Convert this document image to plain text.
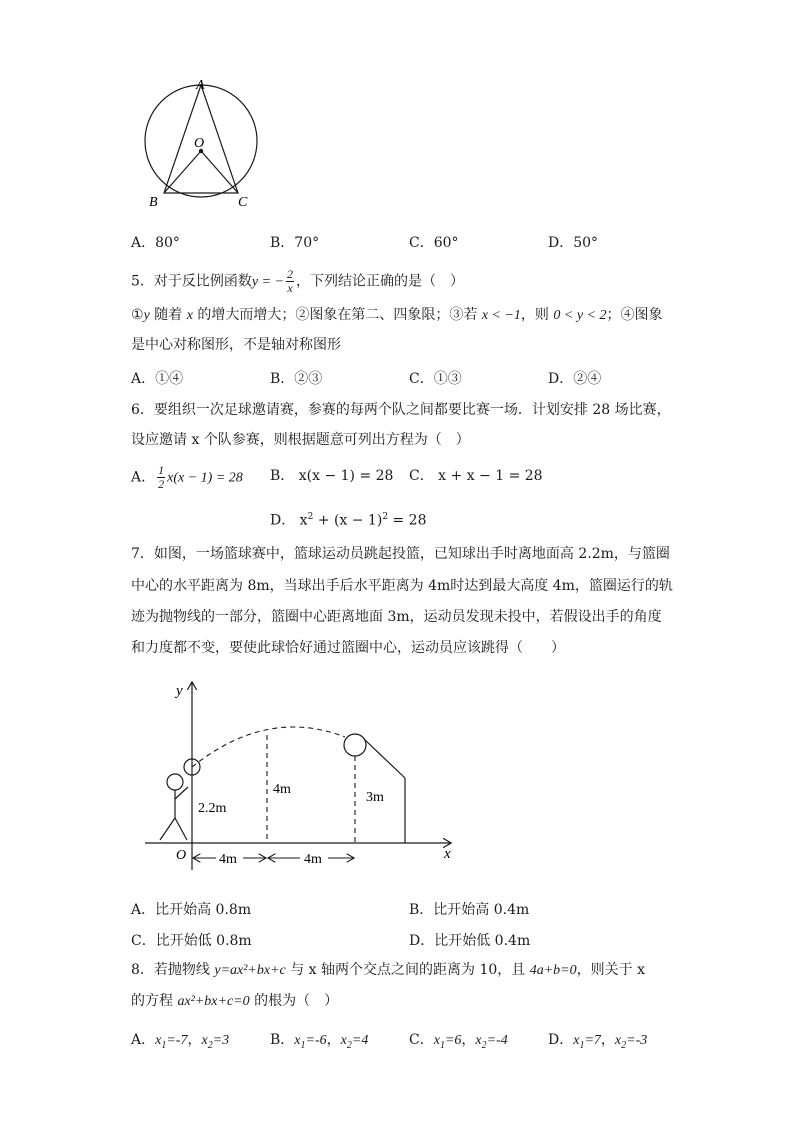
A
O
B	C
A．80°	B．70°	C．60°	D．50°
5．对于反比例函数y = − $\frac{2}{x}$ ，下列结论正确的是（　）
①y 随着 x 的增大而增大；②图象在第二、四象限；③若 x < −1，则 0 < y < 2；④图象
是中心对称图形，不是轴对称图形
A．①④	B．②③	C．①③	D．②④
6．要组织一次足球邀请赛，参赛的每两个队之间都要比赛一场．计划安排 28 场比赛，
设应邀请 x 个队参赛，则根据题意可列出方程为（　）
A． $\frac{1}{2} x(x - 1) = 28$ B． x(x − 1) = 28 C． x + x − 1 = 28
D． $x^2 + (x - 1)^2 = 28$
7．如图，一场篮球赛中，篮球运动员跳起投篮，已知球出手时离地面高 2.2m，与篮圈
中心的水平距离为 8m，当球出手后水平距离为 4m时达到最大高度 4m，篮圈运行的轨
迹为抛物线的一部分，篮圈中心距离地面 3m，运动员发现未投中，若假设出手的角度
和力度都不变，要使此球恰好通过篮圈中心，运动员应该跳得（　　）
y
x
O
2.2m
4m
3m
4m	4m
A．比开始高 0.8m	B．比开始高 0.4m
C．比开始低 0.8m	D．比开始低 0.4m
8．若抛物线 y=ax²+bx+c 与 x 轴两个交点之间的距离为 10，且 4a+b=0，则关于 x
的方程 ax²+bx+c=0 的根为（　）
A．$x_1=-7$，$x_2=3$	B．$x_1=-6$，$x_2=4$	C．$x_1=6$，$x_2=-4$	D．$x_1=7$，$x_2=-3$
